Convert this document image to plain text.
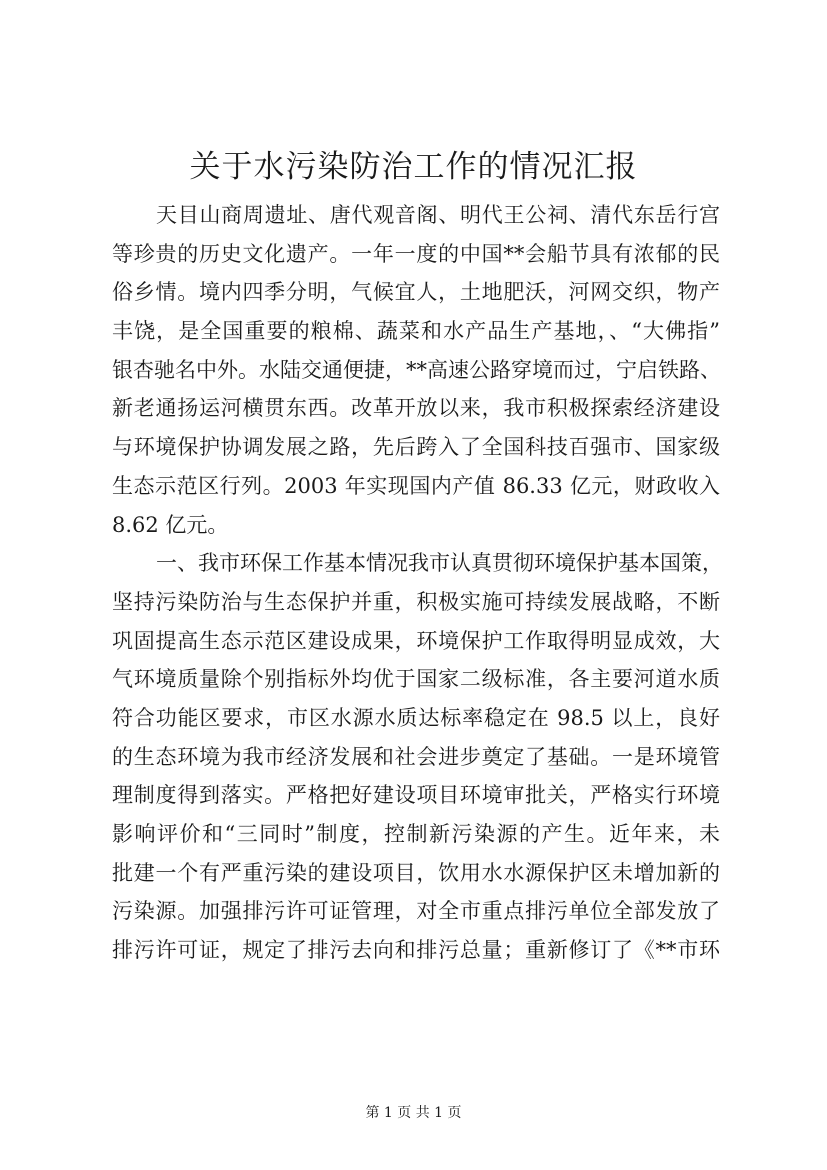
关于水污染防治工作的情况汇报
天目山商周遗址、唐代观音阁、明代王公祠、清代东岳行宫
等珍贵的历史文化遗产。一年一度的中国**会船节具有浓郁的民
俗乡情。境内四季分明，气候宜人，土地肥沃，河网交织，物产
丰饶，是全国重要的粮棉、蔬菜和水产品生产基地，、“大佛指”
银杏驰名中外。水陆交通便捷，**高速公路穿境而过，宁启铁路、
新老通扬运河横贯东西。改革开放以来，我市积极探索经济建设
与环境保护协调发展之路，先后跨入了全国科技百强市、国家级
生态示范区行列。2003 年实现国内产值 86.33 亿元，财政收入
8.62 亿元。
一、我市环保工作基本情况我市认真贯彻环境保护基本国策，
坚持污染防治与生态保护并重，积极实施可持续发展战略，不断
巩固提高生态示范区建设成果，环境保护工作取得明显成效，大
气环境质量除个别指标外均优于国家二级标准，各主要河道水质
符合功能区要求，市区水源水质达标率稳定在 98.5 以上，良好
的生态环境为我市经济发展和社会进步奠定了基础。一是环境管
理制度得到落实。严格把好建设项目环境审批关，严格实行环境
影响评价和“三同时”制度，控制新污染源的产生。近年来，未
批建一个有严重污染的建设项目，饮用水水源保护区未增加新的
污染源。加强排污许可证管理，对全市重点排污单位全部发放了
排污许可证，规定了排污去向和排污总量；重新修订了《**市环
第 1 页 共 1 页
